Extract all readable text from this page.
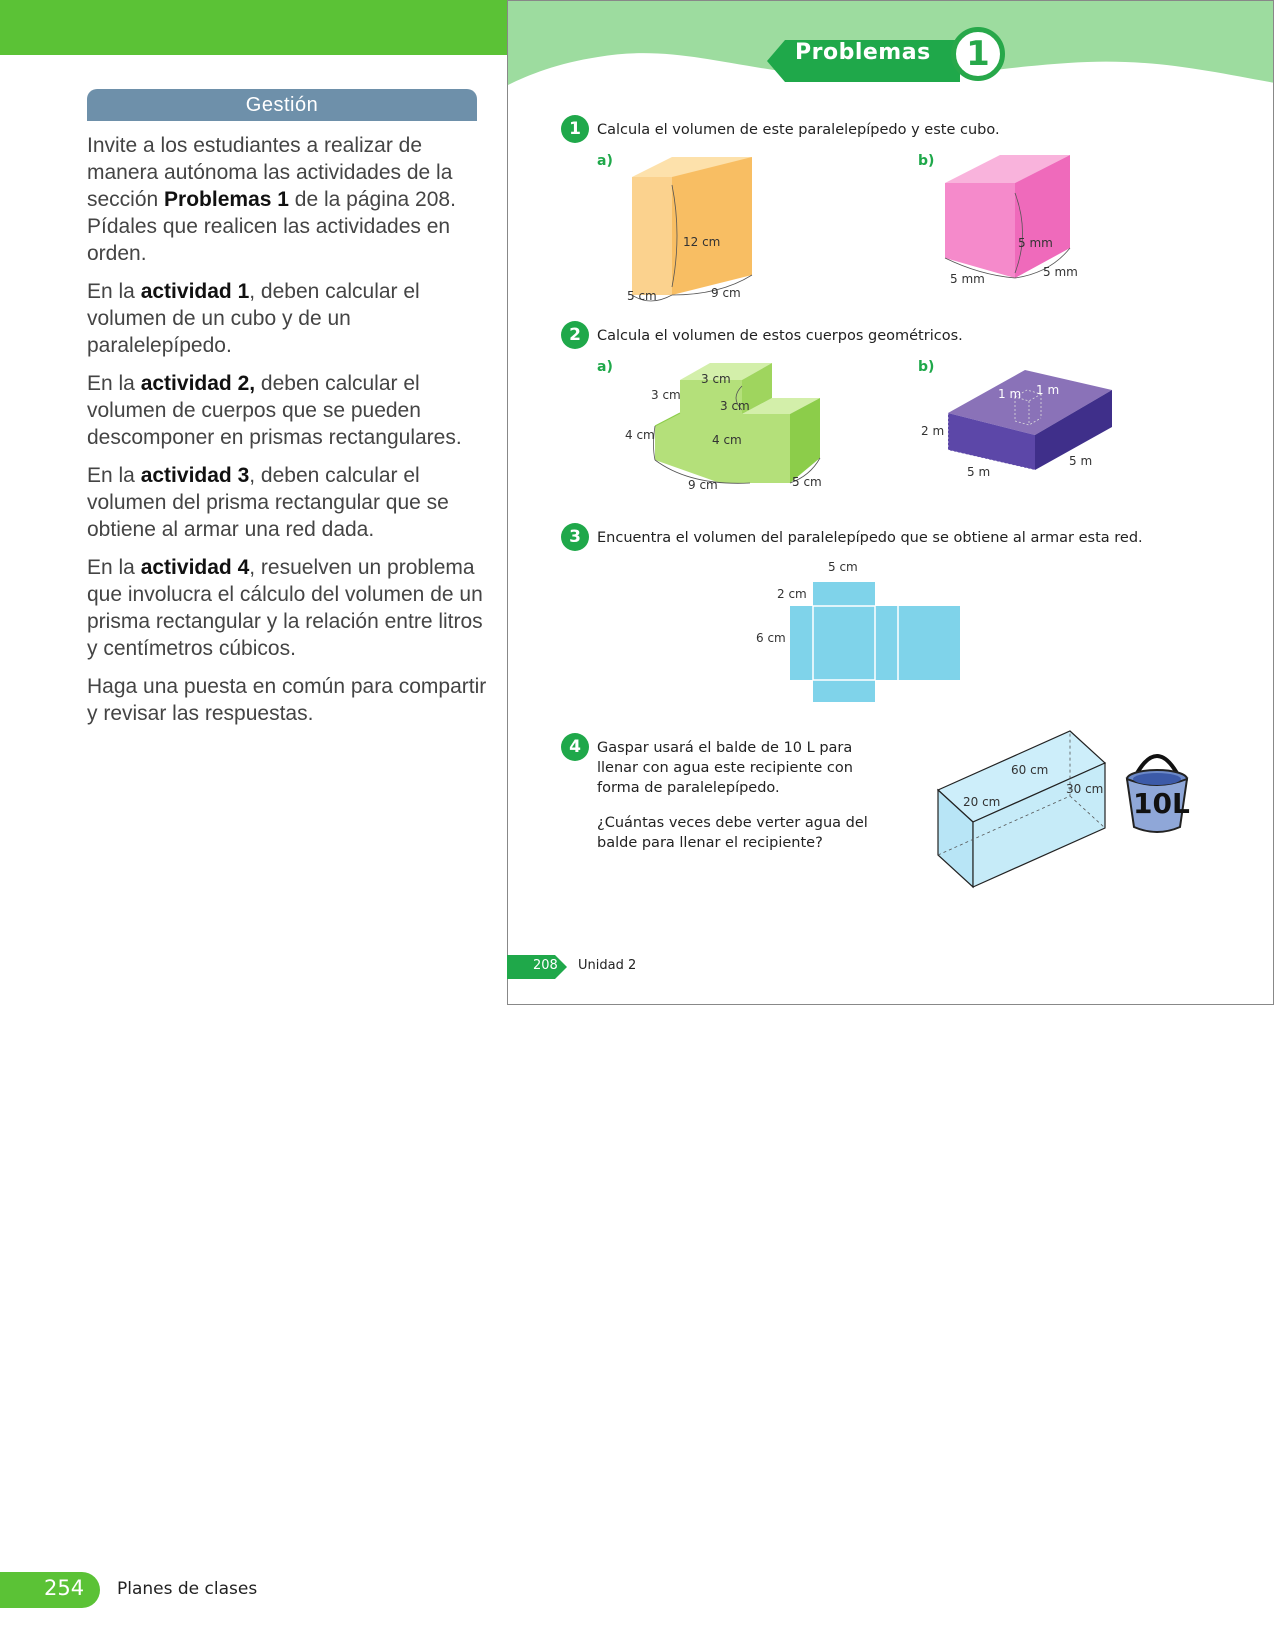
Gestión

Invite a los estudiantes a realizar de manera autónoma las actividades de la sección Problemas 1 de la página 208. Pídales que realicen las actividades en orden.

En la actividad 1, deben calcular el volumen de un cubo y de un paralelepípedo.

En la actividad 2, deben calcular el volumen de cuerpos que se pueden descomponer en prismas rectangulares.

En la actividad 3, deben calcular el volumen del prisma rectangular que se obtiene al armar una red dada.

En la actividad 4, resuelven un problema que involucra el cálculo del volumen de un prisma rectangular y la relación entre litros y centímetros cúbicos.

Haga una puesta en común para compartir y revisar las respuestas.

Problemas	1
1	Calcula el volumen de este paralelepípedo y este cubo.
a)	b)
12 cm
5 cm	9 cm
5 mm
5 mm	5 mm
2	Calcula el volumen de estos cuerpos geométricos.
a)	b)
3 cm
3 cm
3 cm
4 cm	4 cm
9 cm	5 cm
1 m 1 m
2 m
5 m
5 m
3	Encuentra el volumen del paralelepípedo que se obtiene al armar esta red.
5 cm
2 cm
6 cm
4	Gaspar usará el balde de 10 L para llenar con agua este recipiente con forma de paralelepípedo.
¿Cuántas veces debe verter agua del balde para llenar el recipiente?
60 cm
30 cm
20 cm	10L
208 Unidad 2
254 Planes de clases
